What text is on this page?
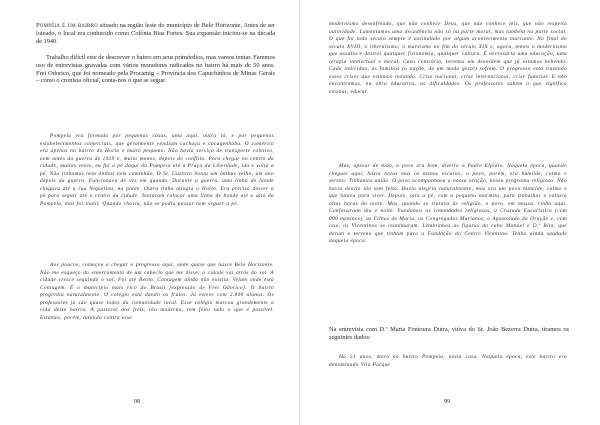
Pompéia é um bairro situado na região leste do município de Belo Horizonte. Antes de ser loteado, o local era conhecido como Colônia Bias Fortes. Sua expansão iniciou-se na década de 1940.

Trabalho difícil este de descrever o bairro em seus primórdios, mas vamos tentar. Faremos uso de entrevistas gravadas com vários moradores radicados no bairro há mais de 50 anos. Frei Odorico, que foi nomeado pela Procamig – Província dos Capuchinhos de Minas Gerais – como o cronista oficial, conta-nos o que se segue.

Pompeia era formada por pequenas casas, uma aqui, outra lá, e por pequenos estabelecimentos comerciais, que geralmente vendiam cachaça e cocaqenhaba. O comércio era apenas no bairro do Horto e muito pequeno. Não havia serviço de transporte coletivo, nem antes da guerra de 1939 e, muito menos, depois do conflito. Para chegar no centro da cidade, muitas vezes, eu fui a pé daqui da Pompeia até a Praça da Liberdade, ida e volta a pé. Não tínhamos nem ônibus nem caminhão. O Sr. Gustavo botou um ônibus velho, um ano depois da guerra. Funcionava de vez em quando. Durante a guerra, uma linha de bonde chegava até a rua Niquelina, na ponte. Outra linha atingia o Horto. Era preciso descer a pé para seguir até o centro da cidade. Tentaram colocar uma linha de bonde até o alto da Pompeia, mas foi inútil. Quando chovia, não se podia passar nem seguer a pé.

Aos poucos, começou a chegar o progresso aqui, onde quase que nasce Belo Horizonte. Não me esqueço do enterramento de um cabeclo que me disse: a cidade vai atrás do sol. A cidade cresce seguindo o sol. Foi até Betim. Contagem ainda não existia. Vejam onde está Contagem. É o município mais rico do Brasil [expressão de Frei Odorico]. O bairro progrediu naturalmente. O colégio está dando os frutos. Já esteve com 2.800 alunos. Os professores já são quase todos da comunidade local. Esse colégio marcou grandemente a vida deste bairro. A pastoral dos freis, tão moderna, tem feito tudo o que é possível. Estamos, porém, lutando contra esse

98

modernismo desenfreado, que não conhece Deus, que não conhece leis, que não respeita autoridade. Lamentamos uma decadência não só na parte moral, mas também na parte social. O que foi todo século sempre é assinalado por algum acontecimento marcante. No final do século XVIII, o liberalismo; o marxismo no fim do século XIX e, agora, temos o modernismo que assalta e destrói qualquer fisionomia, qualquer cultura. É necessária uma educação, uma terapia intelectual e moral. Caso contrário, teremos um desordem que já estamos bebendo. Cada indivíduo, as famílias (a nação, de um modo geral) sofrem. O progresso está trazendo esses crises que estamos notando. Crise nacional, crise internacional, crise familiar. E não encontramos, na obra educativa, as dificuldades. Os professores sabem o que significa ensinar, educar.

Mas, apesar de tudo, o povo era bom, dizeira o Padre Elpídio. Naquela época, quando cheguei aqui, havia notas mas os menos escuras; o povo, porém, era humilde, calmo e sereno. Tínhamos união. O povo acompanhava a nossa oração, nosso programa religioso. Não havia desvio tão sem feita. Havia alegria naturalmente, mas era um povo humilde, calmo e que lutava para viver. Depois, saía a pé, com a pequena marmita, para trabalhar e voltava altas horas da noite. Mas, quando se tratava de religião, o povo, em massa, vinha aqui. Confessavam dia e noite. Fundamos as irmandades religiosas, a Cruzada Eucarística (com 800 meninos), as Filhas de Maria, os Congregados Marianos, o Apostolado da Oração e, com isso, os Vicentinos se reanimaram. Lembramos as figuras do cabo Manuel e D.ª Rita, que deram o terreno que tinham para a Fundação do Centro Vicentino. Tenho ainda saudade daquela época.

Na entrevista com D.ª Maria Fontoura Dutra, viúva do Sr. João Bezerra Dutra, tiramos os seguintes dados:

Há 51 anos, moro no bairro Pompeia, nesta casa. Naquela época, este bairro era denominado Vila Parque

99
